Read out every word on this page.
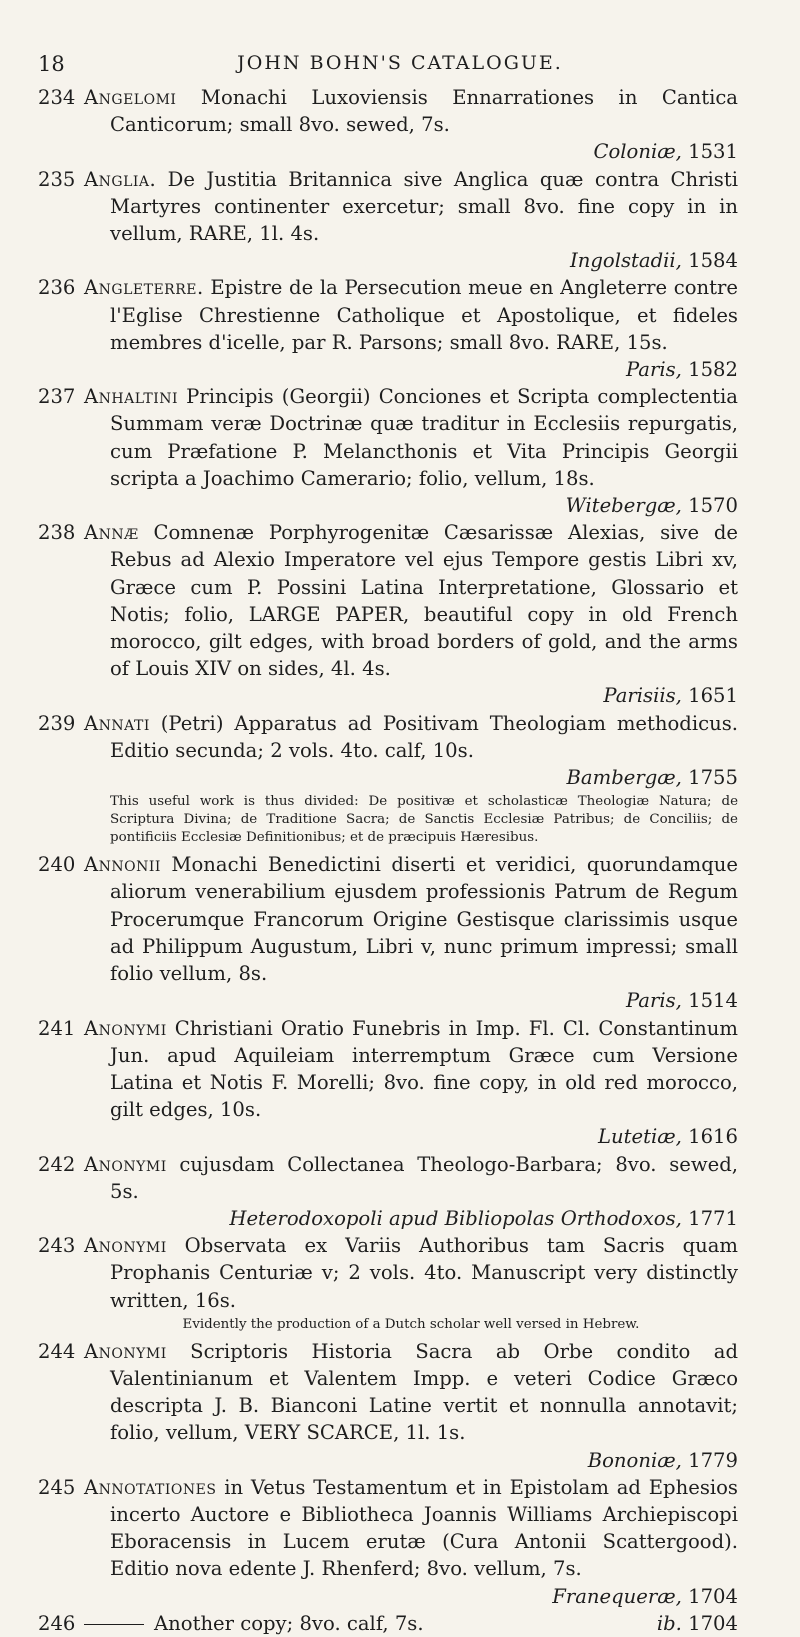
18	JOHN BOHN'S CATALOGUE.
234 Angelomi Monachi Luxoviensis Ennarrationes in Cantica Canticorum; small 8vo. sewed, 7s.
Coloniæ, 1531
235 Anglia. De Justitia Britannica sive Anglica quæ contra Christi Martyres continenter exercetur; small 8vo. fine copy in in vellum, RARE, 1l. 4s.
Ingolstadii, 1584
236 Angleterre. Epistre de la Persecution meue en Angleterre contre l'Eglise Chrestienne Catholique et Apostolique, et fideles membres d'icelle, par R. Parsons; small 8vo. RARE, 15s.
Paris, 1582
237 Anhaltini Principis (Georgii) Conciones et Scripta complectentia Summam veræ Doctrinæ quæ traditur in Ecclesiis repurgatis, cum Præfatione P. Melancthonis et Vita Principis Georgii scripta a Joachimo Camerario; folio, vellum, 18s.
Witebergæ, 1570
238 Annæ Comnenæ Porphyrogenitæ Cæsarissæ Alexias, sive de Rebus ad Alexio Imperatore vel ejus Tempore gestis Libri xv, Græce cum P. Possini Latina Interpretatione, Glossario et Notis; folio, LARGE PAPER, beautiful copy in old French morocco, gilt edges, with broad borders of gold, and the arms of Louis XIV on sides, 4l. 4s.
Parisiis, 1651
239 Annati (Petri) Apparatus ad Positivam Theologiam methodicus. Editio secunda; 2 vols. 4to. calf, 10s.
Bambergæ, 1755
This useful work is thus divided: De positivæ et scholasticæ Theologiæ Natura; de Scriptura Divina; de Traditione Sacra; de Sanctis Ecclesiæ Patribus; de Conciliis; de pontificiis Ecclesiæ Definitionibus; et de præcipuis Hæresibus.
240 Annonii Monachi Benedictini diserti et veridici, quorundamque aliorum venerabilium ejusdem professionis Patrum de Regum Procerumque Francorum Origine Gestisque clarissimis usque ad Philippum Augustum, Libri v, nunc primum impressi; small folio vellum, 8s.
Paris, 1514
241 Anonymi Christiani Oratio Funebris in Imp. Fl. Cl. Constantinum Jun. apud Aquileiam interremptum Græce cum Versione Latina et Notis F. Morelli; 8vo. fine copy, in old red morocco, gilt edges, 10s.
Lutetiæ, 1616
242 Anonymi cujusdam Collectanea Theologo-Barbara; 8vo. sewed, 5s.
Heterodoxopoli apud Bibliopolas Orthodoxos, 1771
243 Anonymi Observata ex Variis Authoribus tam Sacris quam Prophanis Centuriæ v; 2 vols. 4to. Manuscript very distinctly written, 16s.
Evidently the production of a Dutch scholar well versed in Hebrew.
244 Anonymi Scriptoris Historia Sacra ab Orbe condito ad Valentinianum et Valentem Impp. e veteri Codice Græco descripta J. B. Bianconi Latine vertit et nonnulla annotavit; folio, vellum, VERY SCARCE, 1l. 1s.
Bononiæ, 1779
245 Annotationes in Vetus Testamentum et in Epistolam ad Ephesios incerto Auctore e Bibliotheca Joannis Williams Archiepiscopi Eboracensis in Lucem erutæ (Cura Antonii Scattergood). Editio nova edente J. Rhenferd; 8vo. vellum, 7s.
Franequeræ, 1704
246	ib. 1704
Another copy; 8vo. calf, 7s.
